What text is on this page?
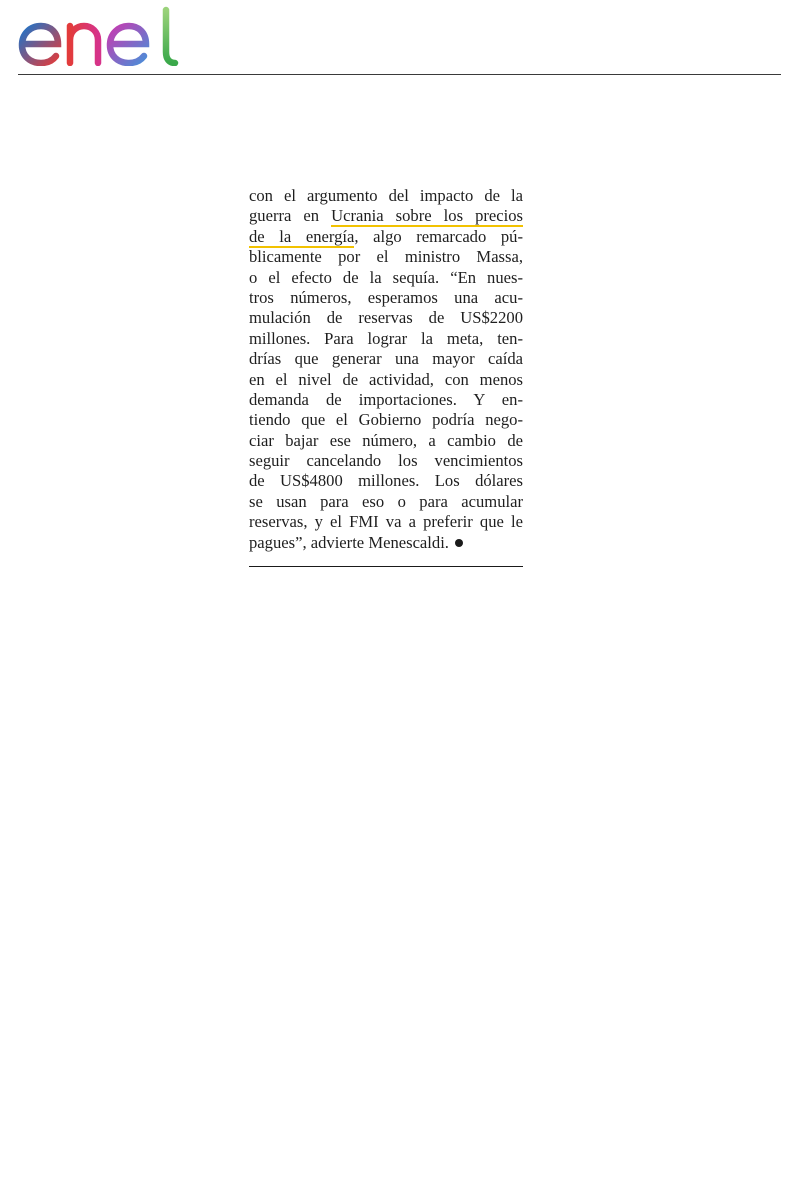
con el argumento del impacto de la
guerra en Ucrania sobre los precios
de la energía, algo remarcado pú-
blicamente por el ministro Massa,
o el efecto de la sequía. “En nues-
tros números, esperamos una acu-
mulación de reservas de US$2200
millones. Para lograr la meta, ten-
drías que generar una mayor caída
en el nivel de actividad, con menos
demanda de importaciones. Y en-
tiendo que el Gobierno podría nego-
ciar bajar ese número, a cambio de
seguir cancelando los vencimientos
de US$4800 millones. Los dólares
se usan para eso o para acumular
reservas, y el FMI va a preferir que le
pagues”, advierte Menescaldi.
